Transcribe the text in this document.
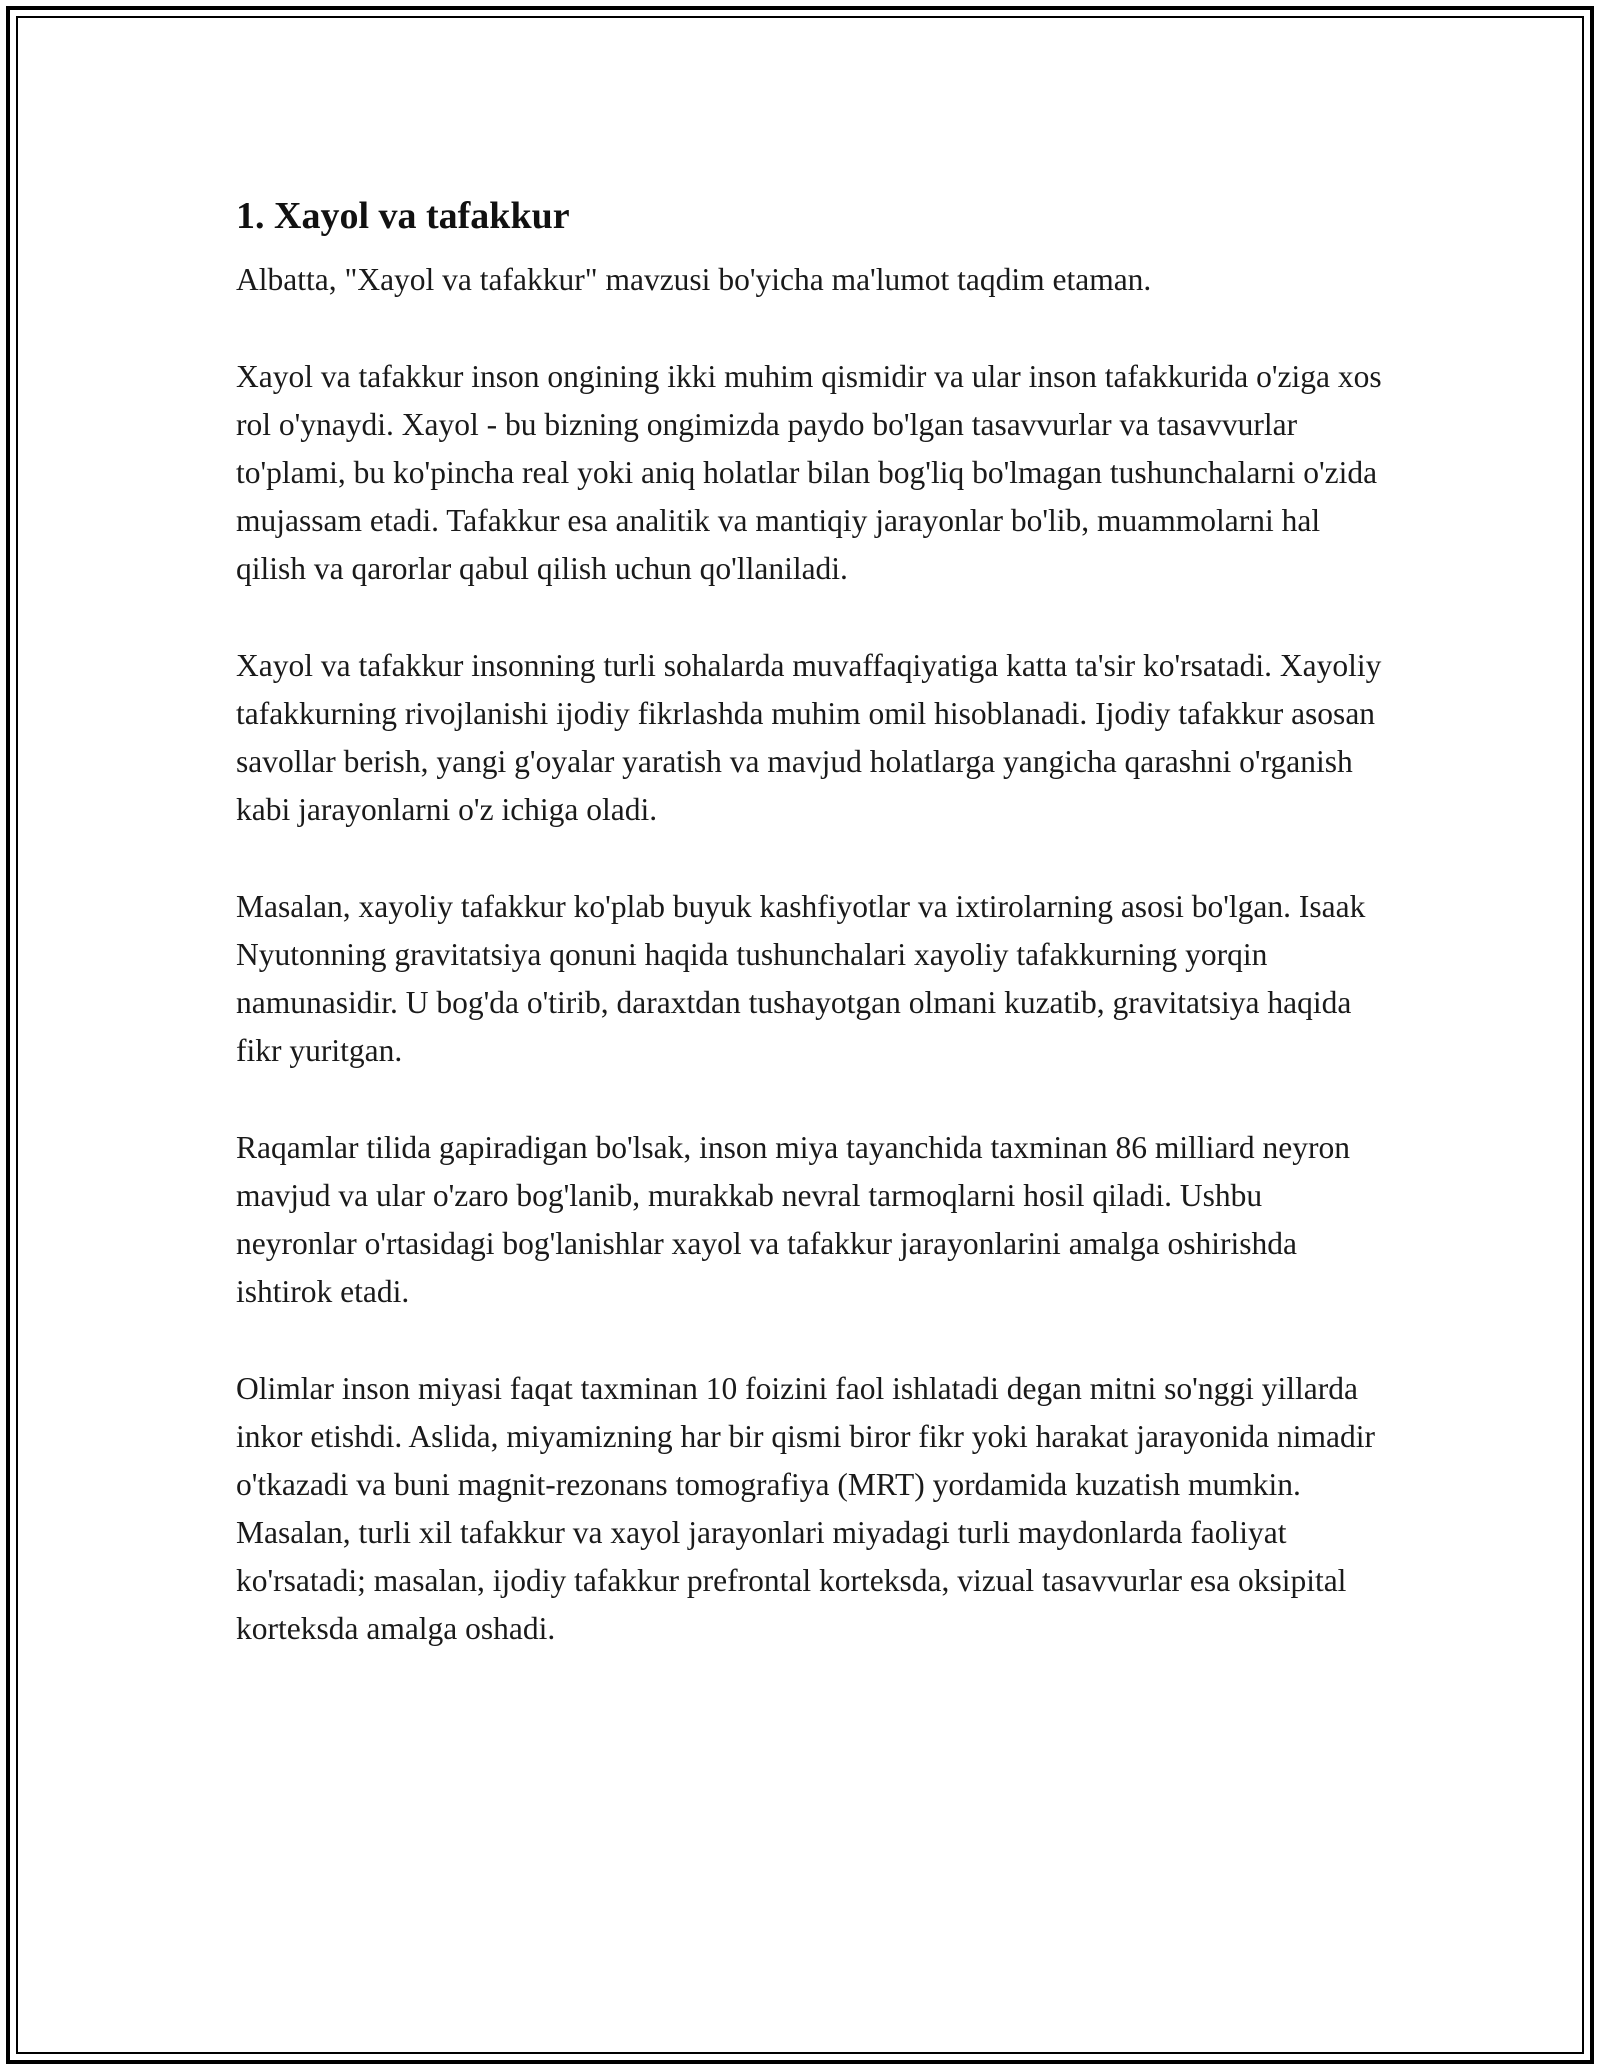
1. Xayol va tafakkur

Albatta, "Xayol va tafakkur" mavzusi bo'yicha ma'lumot taqdim etaman.

Xayol va tafakkur inson ongining ikki muhim qismidir va ular inson tafakkurida o'ziga xos rol o'ynaydi. Xayol - bu bizning ongimizda paydo bo'lgan tasavvurlar va tasavvurlar to'plami, bu ko'pincha real yoki aniq holatlar bilan bog'liq bo'lmagan tushunchalarni o'zida mujassam etadi. Tafakkur esa analitik va mantiqiy jarayonlar bo'lib, muammolarni hal qilish va qarorlar qabul qilish uchun qo'llaniladi.

Xayol va tafakkur insonning turli sohalarda muvaffaqiyatiga katta ta'sir ko'rsatadi. Xayoliy tafakkurning rivojlanishi ijodiy fikrlashda muhim omil hisoblanadi. Ijodiy tafakkur asosan savollar berish, yangi g'oyalar yaratish va mavjud holatlarga yangicha qarashni o'rganish kabi jarayonlarni o'z ichiga oladi.

Masalan, xayoliy tafakkur ko'plab buyuk kashfiyotlar va ixtirolarning asosi bo'lgan. Isaak Nyutonning gravitatsiya qonuni haqida tushunchalari xayoliy tafakkurning yorqin namunasidir. U bog'da o'tirib, daraxtdan tushayotgan olmani kuzatib, gravitatsiya haqida fikr yuritgan.

Raqamlar tilida gapiradigan bo'lsak, inson miya tayanchida taxminan 86 milliard neyron mavjud va ular o'zaro bog'lanib, murakkab nevral tarmoqlarni hosil qiladi. Ushbu neyronlar o'rtasidagi bog'lanishlar xayol va tafakkur jarayonlarini amalga oshirishda ishtirok etadi.

Olimlar inson miyasi faqat taxminan 10 foizini faol ishlatadi degan mitni so'nggi yillarda inkor etishdi. Aslida, miyamizning har bir qismi biror fikr yoki harakat jarayonida nimadir o'tkazadi va buni magnit-rezonans tomografiya (MRT) yordamida kuzatish mumkin. Masalan, turli xil tafakkur va xayol jarayonlari miyadagi turli maydonlarda faoliyat ko'rsatadi; masalan, ijodiy tafakkur prefrontal korteksda, vizual tasavvurlar esa oksipital korteksda amalga oshadi.
